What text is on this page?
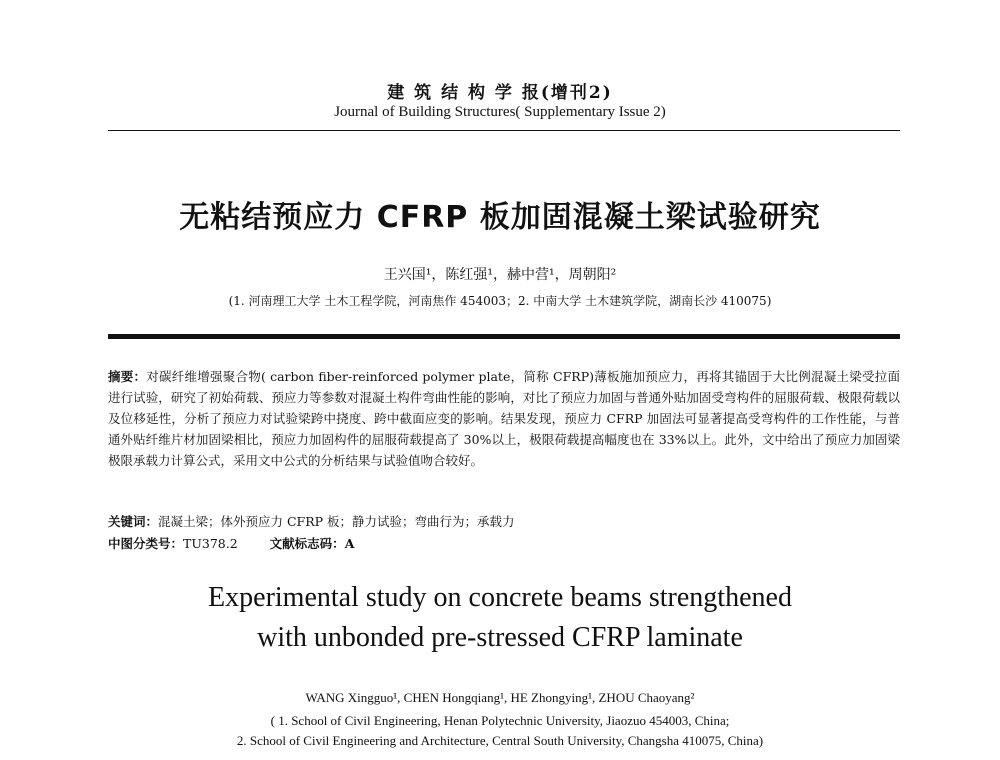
建 筑 结 构 学 报(增刊2)
Journal of Building Structures( Supplementary Issue 2)
无粘结预应力 CFRP 板加固混凝土梁试验研究
王兴国¹，陈红强¹，赫中营¹，周朝阳²
(1. 河南理工大学 土木工程学院，河南焦作 454003；2. 中南大学 土木建筑学院，湖南长沙 410075)
摘要：对碳纤维增强聚合物( carbon fiber-reinforced polymer plate，简称 CFRP)薄板施加预应力，再将其锚固于大比例混凝土梁受拉面进行试验，研究了初始荷载、预应力等参数对混凝土构件弯曲性能的影响，对比了预应力加固与普通外贴加固受弯构件的屈服荷载、极限荷载以及位移延性，分析了预应力对试验梁跨中挠度、跨中截面应变的影响。结果发现，预应力 CFRP 加固法可显著提高受弯构件的工作性能，与普通外贴纤维片材加固梁相比，预应力加固构件的屈服荷载提高了 30%以上，极限荷载提高幅度也在 33%以上。此外，文中给出了预应力加固梁极限承载力计算公式，采用文中公式的分析结果与试验值吻合较好。
关键词：混凝土梁；体外预应力 CFRP 板；静力试验；弯曲行为；承载力
中图分类号：TU378.2	文献标志码：A
Experimental study on concrete beams strengthened
with unbonded pre-stressed CFRP laminate
WANG Xingguo¹, CHEN Hongqiang¹, HE Zhongying¹, ZHOU Chaoyang²
( 1. School of Civil Engineering, Henan Polytechnic University, Jiaozuo 454003, China;
2. School of Civil Engineering and Architecture, Central South University, Changsha 410075, China)
